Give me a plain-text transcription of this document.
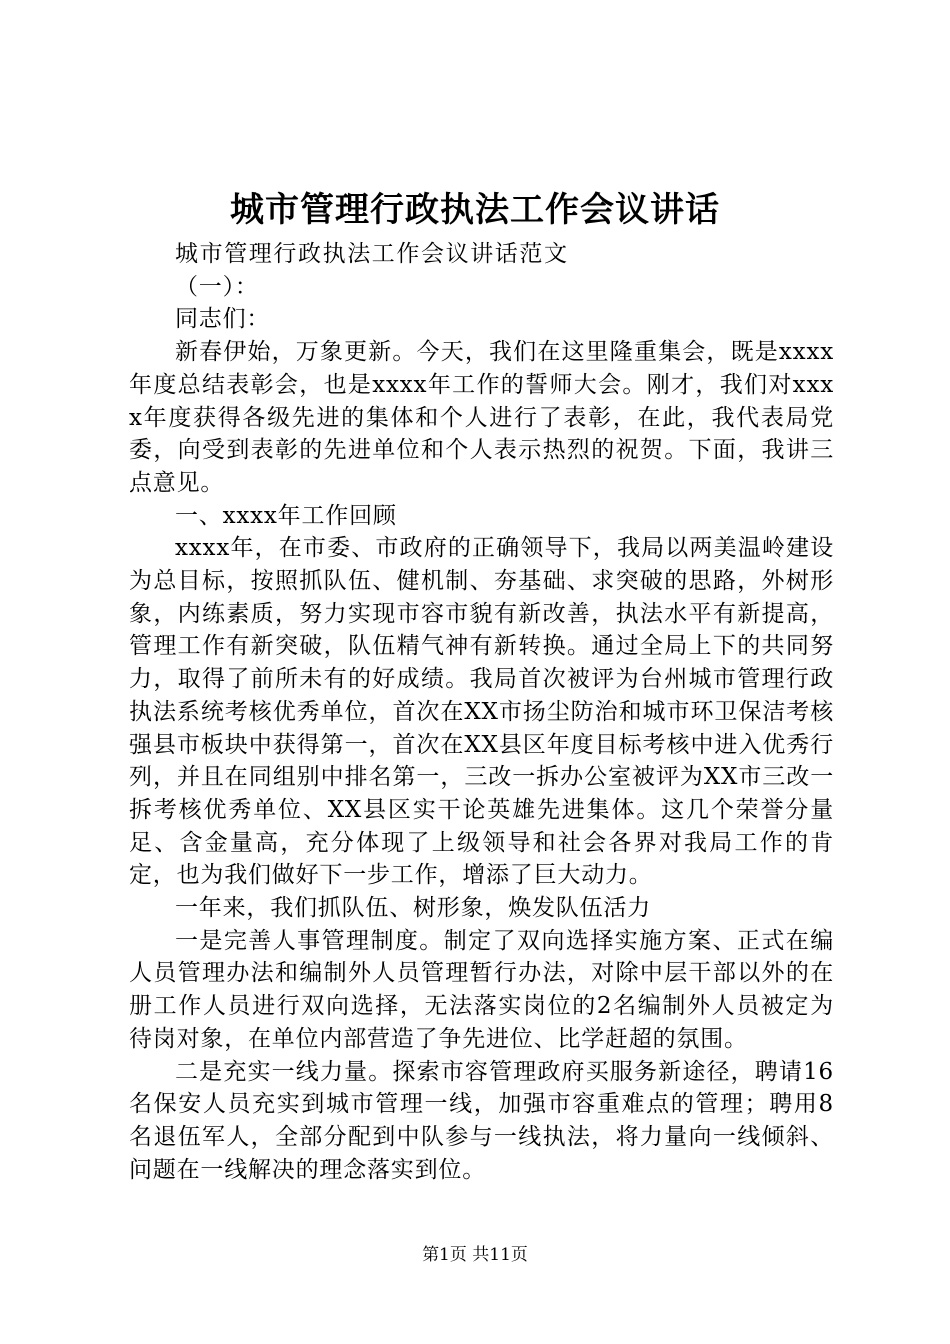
城市管理行政执法工作会议讲话

城市管理行政执法工作会议讲话范文

（一）：

同志们：

新春伊始，万象更新。今天，我们在这里隆重集会，既是xxxx年度总结表彰会，也是xxxx年工作的誓师大会。刚才，我们对xxxx年度获得各级先进的集体和个人进行了表彰，在此，我代表局党委，向受到表彰的先进单位和个人表示热烈的祝贺。下面，我讲三点意见。

一、xxxx年工作回顾

xxxx年，在市委、市政府的正确领导下，我局以两美温岭建设为总目标，按照抓队伍、健机制、夯基础、求突破的思路，外树形象，内练素质，努力实现市容市貌有新改善，执法水平有新提高，管理工作有新突破，队伍精气神有新转换。通过全局上下的共同努力，取得了前所未有的好成绩。我局首次被评为台州城市管理行政执法系统考核优秀单位，首次在XX市扬尘防治和城市环卫保洁考核强县市板块中获得第一，首次在XX县区年度目标考核中进入优秀行列，并且在同组别中排名第一，三改一拆办公室被评为XX市三改一拆考核优秀单位、XX县区实干论英雄先进集体。这几个荣誉分量足、含金量高，充分体现了上级领导和社会各界对我局工作的肯定，也为我们做好下一步工作，增添了巨大动力。

一年来，我们抓队伍、树形象，焕发队伍活力

一是完善人事管理制度。制定了双向选择实施方案、正式在编人员管理办法和编制外人员管理暂行办法，对除中层干部以外的在册工作人员进行双向选择，无法落实岗位的2名编制外人员被定为待岗对象，在单位内部营造了争先进位、比学赶超的氛围。

二是充实一线力量。探索市容管理政府买服务新途径，聘请16名保安人员充实到城市管理一线，加强市容重难点的管理；聘用8名退伍军人，全部分配到中队参与一线执法，将力量向一线倾斜、问题在一线解决的理念落实到位。

第1页 共11页
